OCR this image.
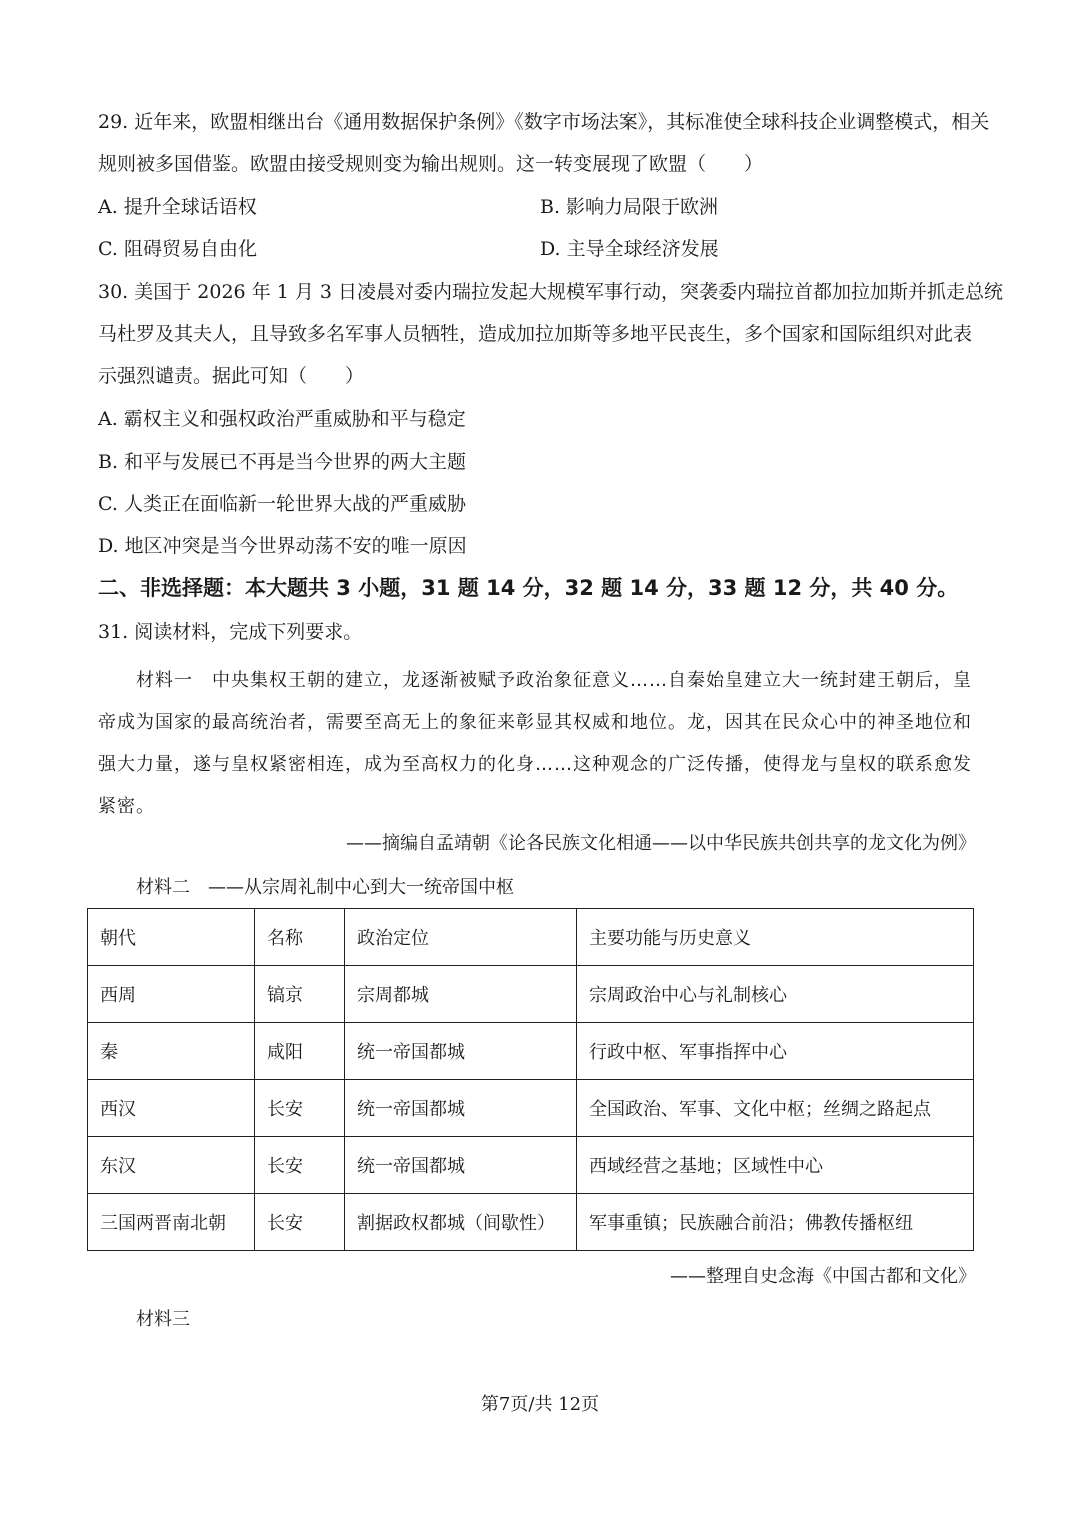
29. 近年来，欧盟相继出台《通用数据保护条例》《数字市场法案》，其标准使全球科技企业调整模式，相关
规则被多国借鉴。欧盟由接受规则变为输出规则。这一转变展现了欧盟（　　）
A. 提升全球话语权	B. 影响力局限于欧洲
C. 阻碍贸易自由化	D. 主导全球经济发展
30. 美国于 2026 年 1 月 3 日凌晨对委内瑞拉发起大规模军事行动，突袭委内瑞拉首都加拉加斯并抓走总统
马杜罗及其夫人，且导致多名军事人员牺牲，造成加拉加斯等多地平民丧生，多个国家和国际组织对此表
示强烈谴责。据此可知（　　）
A. 霸权主义和强权政治严重威胁和平与稳定
B. 和平与发展已不再是当今世界的两大主题
C. 人类正在面临新一轮世界大战的严重威胁
D. 地区冲突是当今世界动荡不安的唯一原因
二、非选择题：本大题共 3 小题，31 题 14 分，32 题 14 分，33 题 12 分，共 40 分。
31. 阅读材料，完成下列要求。
材料一　中央集权王朝的建立，龙逐渐被赋予政治象征意义……自秦始皇建立大一统封建王朝后，皇帝成为国家的最高统治者，需要至高无上的象征来彰显其权威和地位。龙，因其在民众心中的神圣地位和强大力量，遂与皇权紧密相连，成为至高权力的化身……这种观念的广泛传播，使得龙与皇权的联系愈发紧密。
——摘编自孟靖朝《论各民族文化相通——以中华民族共创共享的龙文化为例》
材料二　——从宗周礼制中心到大一统帝国中枢
朝代	名称	政治定位	主要功能与历史意义
西周	镐京	宗周都城	宗周政治中心与礼制核心
秦	咸阳	统一帝国都城	行政中枢、军事指挥中心
西汉	长安	统一帝国都城	全国政治、军事、文化中枢；丝绸之路起点
东汉	长安	统一帝国都城	西域经营之基地；区域性中心
三国两晋南北朝	长安	割据政权都城（间歇性）	军事重镇；民族融合前沿；佛教传播枢纽
——整理自史念海《中国古都和文化》
材料三
第7页/共 12页
